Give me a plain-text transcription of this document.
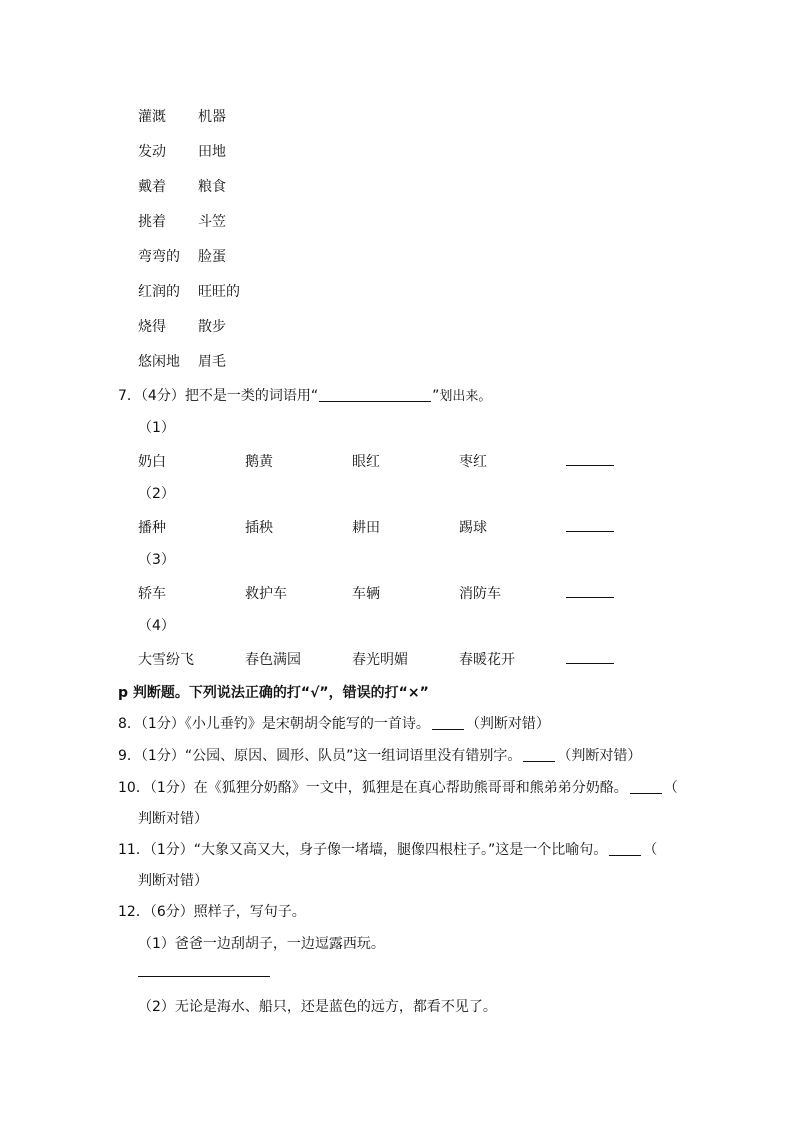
灌溉 机器
发动 田地
戴着 粮食
挑着 斗笠
弯弯的 脸蛋
红润的 旺旺的
烧得 散步
悠闲地 眉毛
7．（4分）把不是一类的词语用“	”划出来。
（1）
奶白	鹅黄	眼红	枣红
（2）
播种	插秧	耕田	踢球
（3）
轿车	救护车	车辆	消防车
（4）
大雪纷飞	春色满园	春光明媚	春暖花开
p 判断题。下列说法正确的打“√”，错误的打“×”
8．（1分）《小儿垂钓》是宋朝胡令能写的一首诗。	（判断对错）
9．（1分）“公园、原因、圆形、队员”这一组词语里没有错别字。	（判断对错）
10．（1分）在《狐狸分奶酪》一文中，狐狸是在真心帮助熊哥哥和熊弟弟分奶酪。	（
判断对错）
11．（1分）“大象又高又大，身子像一堵墙，腿像四根柱子。”这是一个比喻句。	（
判断对错）
12．（6分）照样子，写句子。
（1）爸爸一边刮胡子，一边逗露西玩。
（2）无论是海水、船只，还是蓝色的远方，都看不见了。
